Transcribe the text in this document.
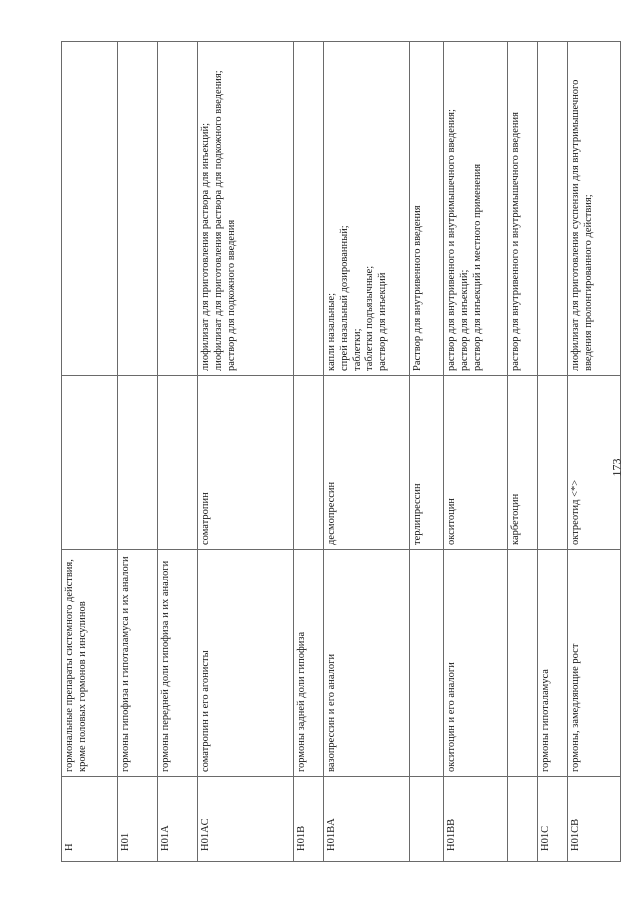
H	гормональные препараты системного действия, кроме половых гормонов и инсулинов		
H01	гормоны гипофиза и гипоталамуса и их аналоги		
H01A	гормоны передней доли гипофиза и их аналоги		
H01AC	соматропин и его агонисты	соматропин	лиофилизат для приготовления раствора для инъекций; лиофилизат для приготовления раствора для подкожного введения; раствор для подкожного введения

H01B	гормоны задней доли гипофиза		
H01BA	вазопрессин и его аналоги	десмопрессин	капли назальные; спрей назальный дозированный; таблетки; таблетки подъязычные; раствор для инъекций

		терлипрессин	Раствор для внутривенного введения

H01BB	окситоцин и его аналоги	окситоцин	раствор для внутривенного и внутримышечного введения; раствор для инъекций; раствор для инъекций и местного применения

		карбетоцин	раствор для внутривенного и внутримышечного введения

H01C	гормоны гипоталамуса		
H01CB	гормоны, замедляющие рост	октреотид <*>	лиофилизат для приготовления суспензии для внутримышечного введения пролонгированного действия;
173
